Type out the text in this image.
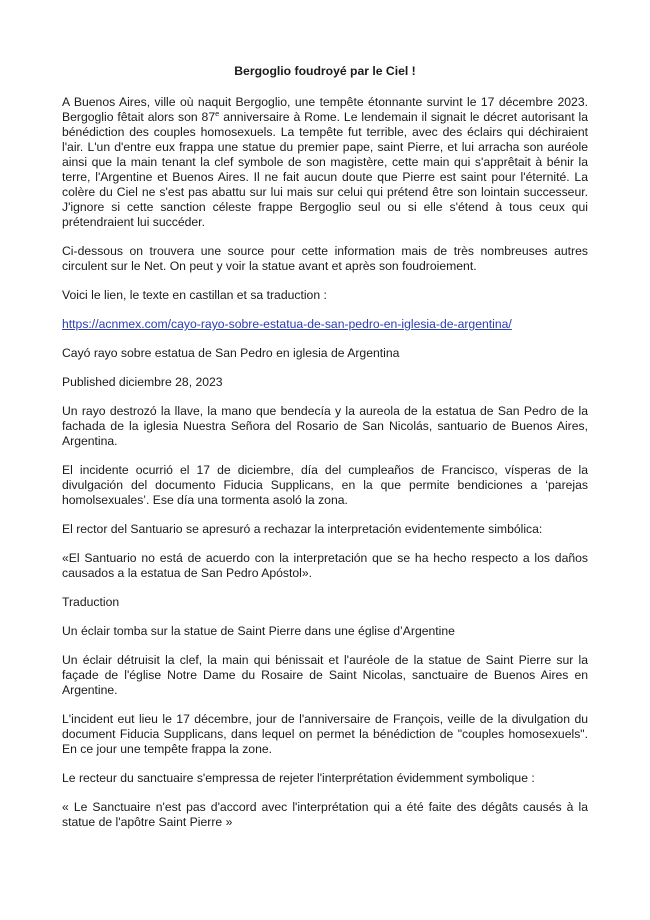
Bergoglio foudroyé par le Ciel !

A Buenos Aires, ville où naquit Bergoglio, une tempête étonnante survint le 17 décembre 2023. Bergoglio fêtait alors son 87e anniversaire à Rome. Le lendemain il signait le décret autorisant la bénédiction des couples homosexuels. La tempête fut terrible, avec des éclairs qui déchiraient l'air. L'un d'entre eux frappa une statue du premier pape, saint Pierre, et lui arracha son auréole ainsi que la main tenant la clef symbole de son magistère, cette main qui s'apprêtait à bénir la terre, l'Argentine et Buenos Aires. Il ne fait aucun doute que Pierre est saint pour l'éternité. La colère du Ciel ne s'est pas abattu sur lui mais sur celui qui prétend être son lointain successeur. J'ignore si cette sanction céleste frappe Bergoglio seul ou si elle s'étend à tous ceux qui prétendraient lui succéder.

Ci-dessous on trouvera une source pour cette information mais de très nombreuses autres circulent sur le Net. On peut y voir la statue avant et après son foudroiement.

Voici le lien, le texte en castillan et sa traduction :

https://acnmex.com/cayo-rayo-sobre-estatua-de-san-pedro-en-iglesia-de-argentina/

Cayó rayo sobre estatua de San Pedro en iglesia de Argentina

Published diciembre 28, 2023

Un rayo destrozó la llave, la mano que bendecía y la aureola de la estatua de San Pedro de la fachada de la iglesia Nuestra Señora del Rosario de San Nicolás, santuario de Buenos Aires, Argentina.

El incidente ocurrió el 17 de diciembre, día del cumpleaños de Francisco, vísperas de la divulgación del documento Fiducia Supplicans, en la que permite bendiciones a ‘parejas homolsexuales’. Ese día una tormenta asoló la zona.

El rector del Santuario se apresuró a rechazar la interpretación evidentemente simbólica:

«El Santuario no está de acuerdo con la interpretación que se ha hecho respecto a los daños causados a la estatua de San Pedro Apóstol».

Traduction

Un éclair tomba sur la statue de Saint Pierre dans une église d’Argentine

Un éclair détruisit la clef, la main qui bénissait et l'auréole de la statue de Saint Pierre sur la façade de l'église Notre Dame du Rosaire de Saint Nicolas, sanctuaire de Buenos Aires en Argentine.

L'incident eut lieu le 17 décembre, jour de l'anniversaire de François, veille de la divulgation du document Fiducia Supplicans, dans lequel on permet la bénédiction de "couples homosexuels". En ce jour une tempête frappa la zone.

Le recteur du sanctuaire s'empressa de rejeter l'interprétation évidemment symbolique :

« Le Sanctuaire n'est pas d'accord avec l'interprétation qui a été faite des dégâts causés à la statue de l'apôtre Saint Pierre »
